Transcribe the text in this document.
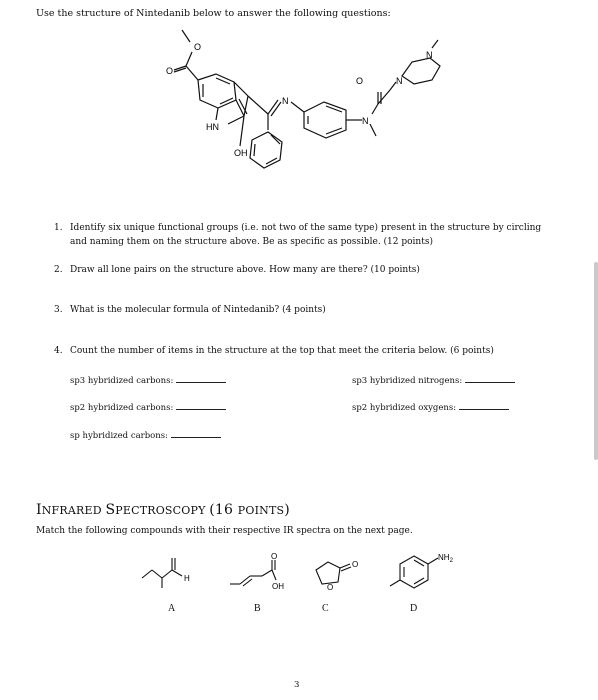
Use the structure of Nintedanib below to answer the following questions:
O
O
HN
OH
N
N
O	N
N
1. Identify six unique functional groups (i.e. not two of the same type) present in the structure by circling and naming them on the structure above. Be as specific as possible. (12 points)
2. Draw all lone pairs on the structure above. How many are there? (10 points)
3. What is the molecular formula of Nintedanib? (4 points)
4. Count the number of items in the structure at the top that meet the criteria below. (6 points)
sp3 hybridized carbons:
sp2 hybridized carbons:
sp hybridized carbons:
sp3 hybridized nitrogens:
sp2 hybridized oxygens:
INFRARED SPECTROSCOPY (16 POINTS)
Match the following compounds with their respective IR spectra on the next page.
H
A
O
OH
B
O
O
C
$NH_2$
D
3
